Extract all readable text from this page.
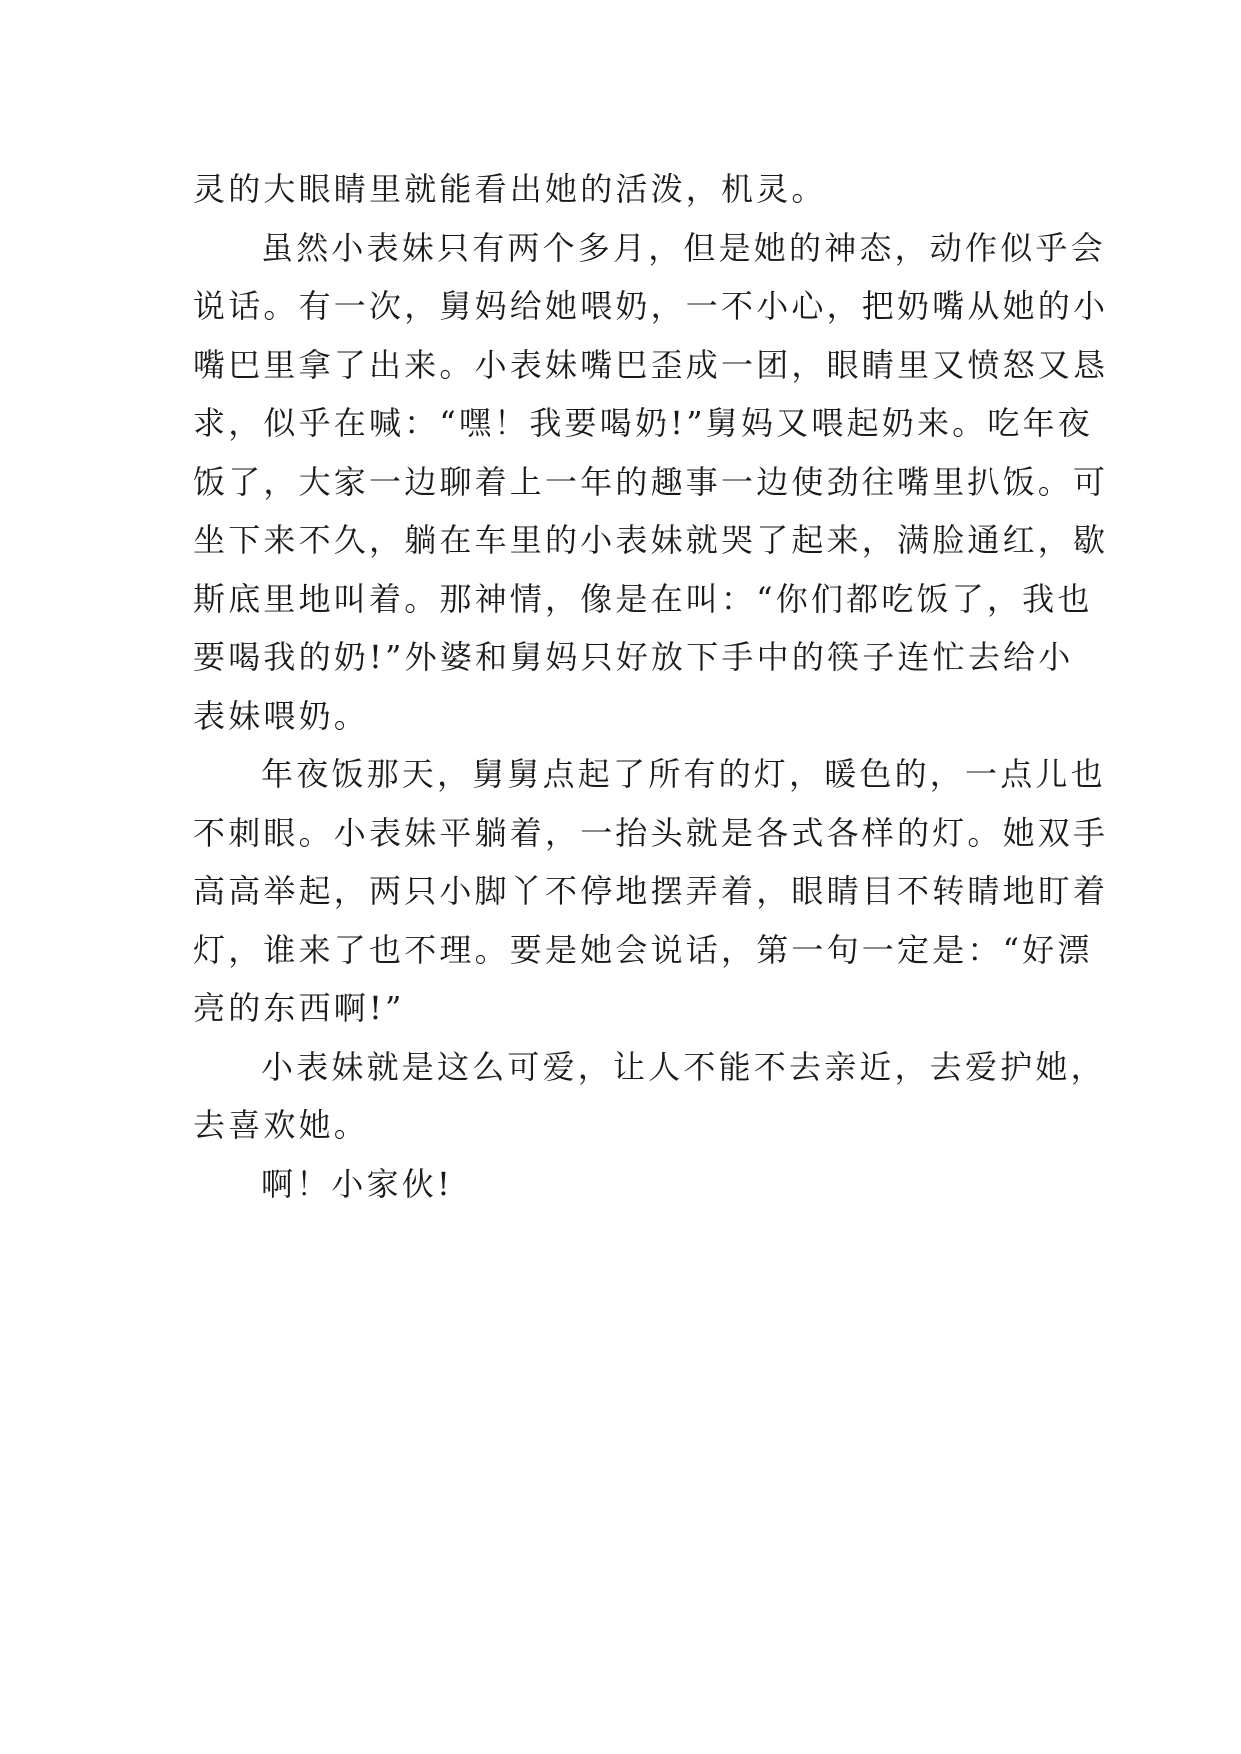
灵的大眼睛里就能看出她的活泼，机灵。
虽然小表妹只有两个多月，但是她的神态，动作似乎会
说话。有一次，舅妈给她喂奶，一不小心，把奶嘴从她的小
嘴巴里拿了出来。小表妹嘴巴歪成一团，眼睛里又愤怒又恳
求，似乎在喊：“嘿！我要喝奶!”舅妈又喂起奶来。吃年夜
饭了，大家一边聊着上一年的趣事一边使劲往嘴里扒饭。可
坐下来不久，躺在车里的小表妹就哭了起来，满脸通红，歇
斯底里地叫着。那神情，像是在叫：“你们都吃饭了，我也
要喝我的奶!”外婆和舅妈只好放下手中的筷子连忙去给小
表妹喂奶。
年夜饭那天，舅舅点起了所有的灯，暖色的，一点儿也
不刺眼。小表妹平躺着，一抬头就是各式各样的灯。她双手
高高举起，两只小脚丫不停地摆弄着，眼睛目不转睛地盯着
灯，谁来了也不理。要是她会说话，第一句一定是：“好漂
亮的东西啊!”
小表妹就是这么可爱，让人不能不去亲近，去爱护她，
去喜欢她。
啊！小家伙!
